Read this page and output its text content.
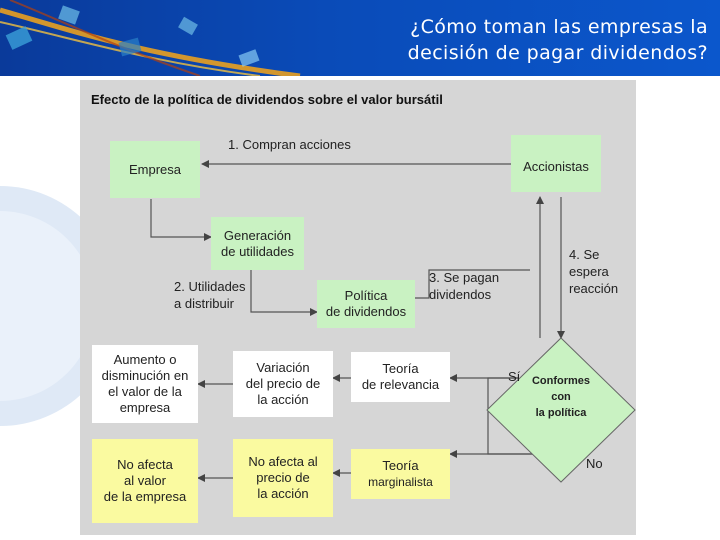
¿Cómo toman las empresas la
decisión de pagar dividendos?
Efecto de la política de dividendos sobre el valor bursátil
Empresa	Accionistas
Generación
de utilidades
Política
de dividendos
Aumento o
disminución en
el valor de la
empresa
Variación
del precio de
la acción
Teoría
de relevancia
No afecta
al valor
de la empresa
No afecta al
precio de
la acción
Teoría
marginalista
Conformes
con
la política
1. Compran acciones
2. Utilidades
a distribuir
3. Se pagan
dividendos
4. Se
espera
reacción
Sí
No
